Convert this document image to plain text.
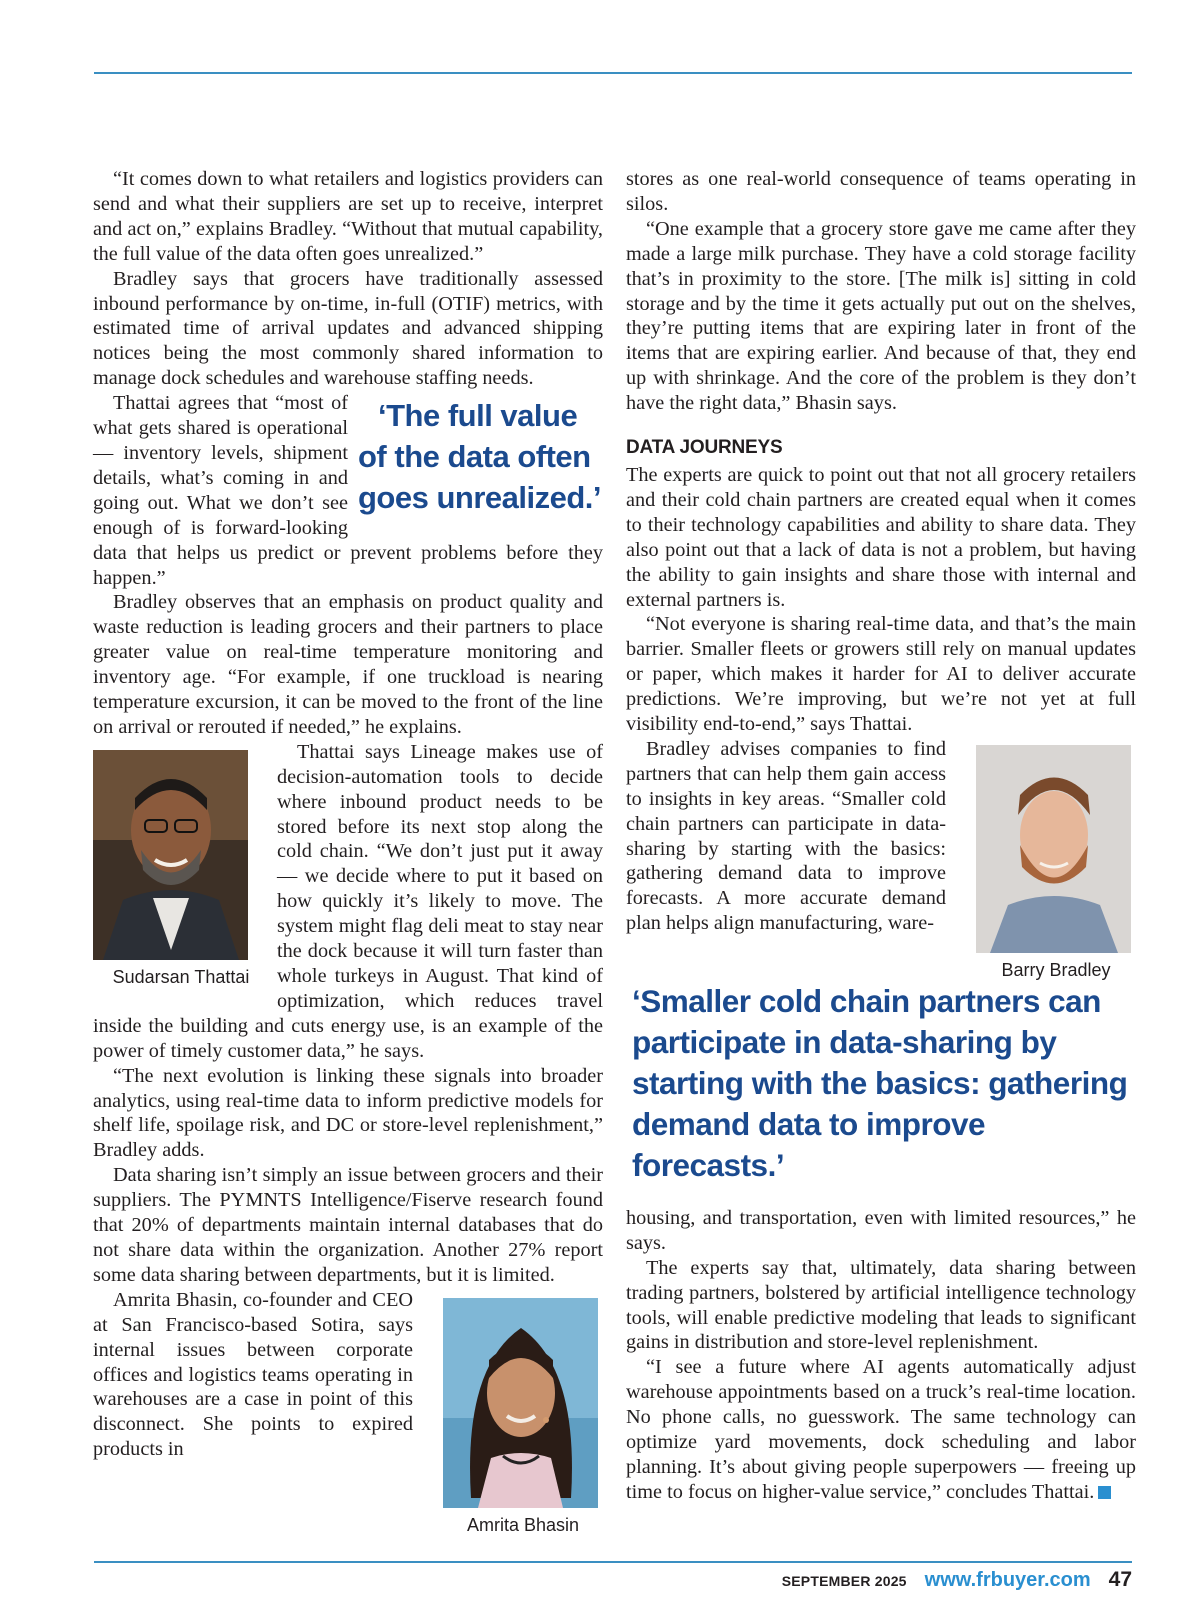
“It comes down to what retailers and logistics providers can send and what their suppliers are set up to receive, interpret and act on,” explains Bradley. “Without that mutual capability, the full value of the data often goes unrealized.”

Bradley says that grocers have traditionally assessed inbound performance by on-time, in-full (OTIF) metrics, with estimated time of arrival updates and advanced shipping notices being the most commonly shared information to manage dock schedules and warehouse staffing needs.

‘The full value of the data often goes unrealized.’
Thattai agrees that “most of what gets shared is operational — inventory levels, shipment details, what’s coming in and going out. What we don’t see enough of is forward-looking data that helps us predict or prevent problems before they happen.”

Bradley observes that an emphasis on product quality and waste reduction is leading grocers and their partners to place greater value on real-time temperature monitoring and inventory age. “For example, if one truckload is nearing temperature excursion, it can be moved to the front of the line on arrival or rerouted if needed,” he explains.

Sudarsan Thattai
Thattai says Lineage makes use of decision-automation tools to decide where inbound product needs to be stored before its next stop along the cold chain. “We don’t just put it away — we decide where to put it based on how quickly it’s likely to move. The system might flag deli meat to stay near the dock because it will turn faster than whole turkeys in August. That kind of optimization, which reduces travel inside the building and cuts energy use, is an example of the power of timely customer data,” he says.

“The next evolution is linking these signals into broader analytics, using real-time data to inform predictive models for shelf life, spoilage risk, and DC or store-level replenishment,” Bradley adds.

Data sharing isn’t simply an issue between grocers and their suppliers. The PYMNTS Intelligence/Fiserve research found that 20% of departments maintain internal databases that do not share data within the organization. Another 27% report some data sharing between departments, but it is limited.

Amrita Bhasin
Amrita Bhasin, co-founder and CEO at San Francisco-based Sotira, says internal issues between corporate offices and logistics teams operating in warehouses are a case in point of this disconnect. She points to expired products in

stores as one real-world consequence of teams operating in silos.

“One example that a grocery store gave me came after they made a large milk purchase. They have a cold storage facility that’s in proximity to the store. [The milk is] sitting in cold storage and by the time it gets actually put out on the shelves, they’re putting items that are expiring later in front of the items that are expiring earlier. And because of that, they end up with shrinkage. And the core of the problem is they don’t have the right data,” Bhasin says.

DATA JOURNEYS

The experts are quick to point out that not all grocery retailers and their cold chain partners are created equal when it comes to their technology capabilities and ability to share data. They also point out that a lack of data is not a problem, but having the ability to gain insights and share those with internal and external partners is.

“Not everyone is sharing real-time data, and that’s the main barrier. Smaller fleets or growers still rely on manual updates or paper, which makes it harder for AI to deliver accurate predictions. We’re improving, but we’re not yet at full visibility end-to-end,” says Thattai.

Barry Bradley
Bradley advises companies to find partners that can help them gain access to insights in key areas. “Smaller cold chain partners can participate in data-sharing by starting with the basics: gathering demand data to improve forecasts. A more accurate demand plan helps align manufacturing, ware-

‘Smaller cold chain partners can participate in data-sharing by starting with the basics: gathering demand data to improve forecasts.’

housing, and transportation, even with limited resources,” he says.

The experts say that, ultimately, data sharing between trading partners, bolstered by artificial intelligence technology tools, will enable predictive modeling that leads to significant gains in distribution and store-level replenishment.

“I see a future where AI agents automatically adjust warehouse appointments based on a truck’s real-time location. No phone calls, no guesswork. The same technology can optimize yard movements, dock scheduling and labor planning. It’s about giving people superpowers — freeing up time to focus on higher-value service,” concludes Thattai.

SEPTEMBER 2025 www.frbuyer.com 47
